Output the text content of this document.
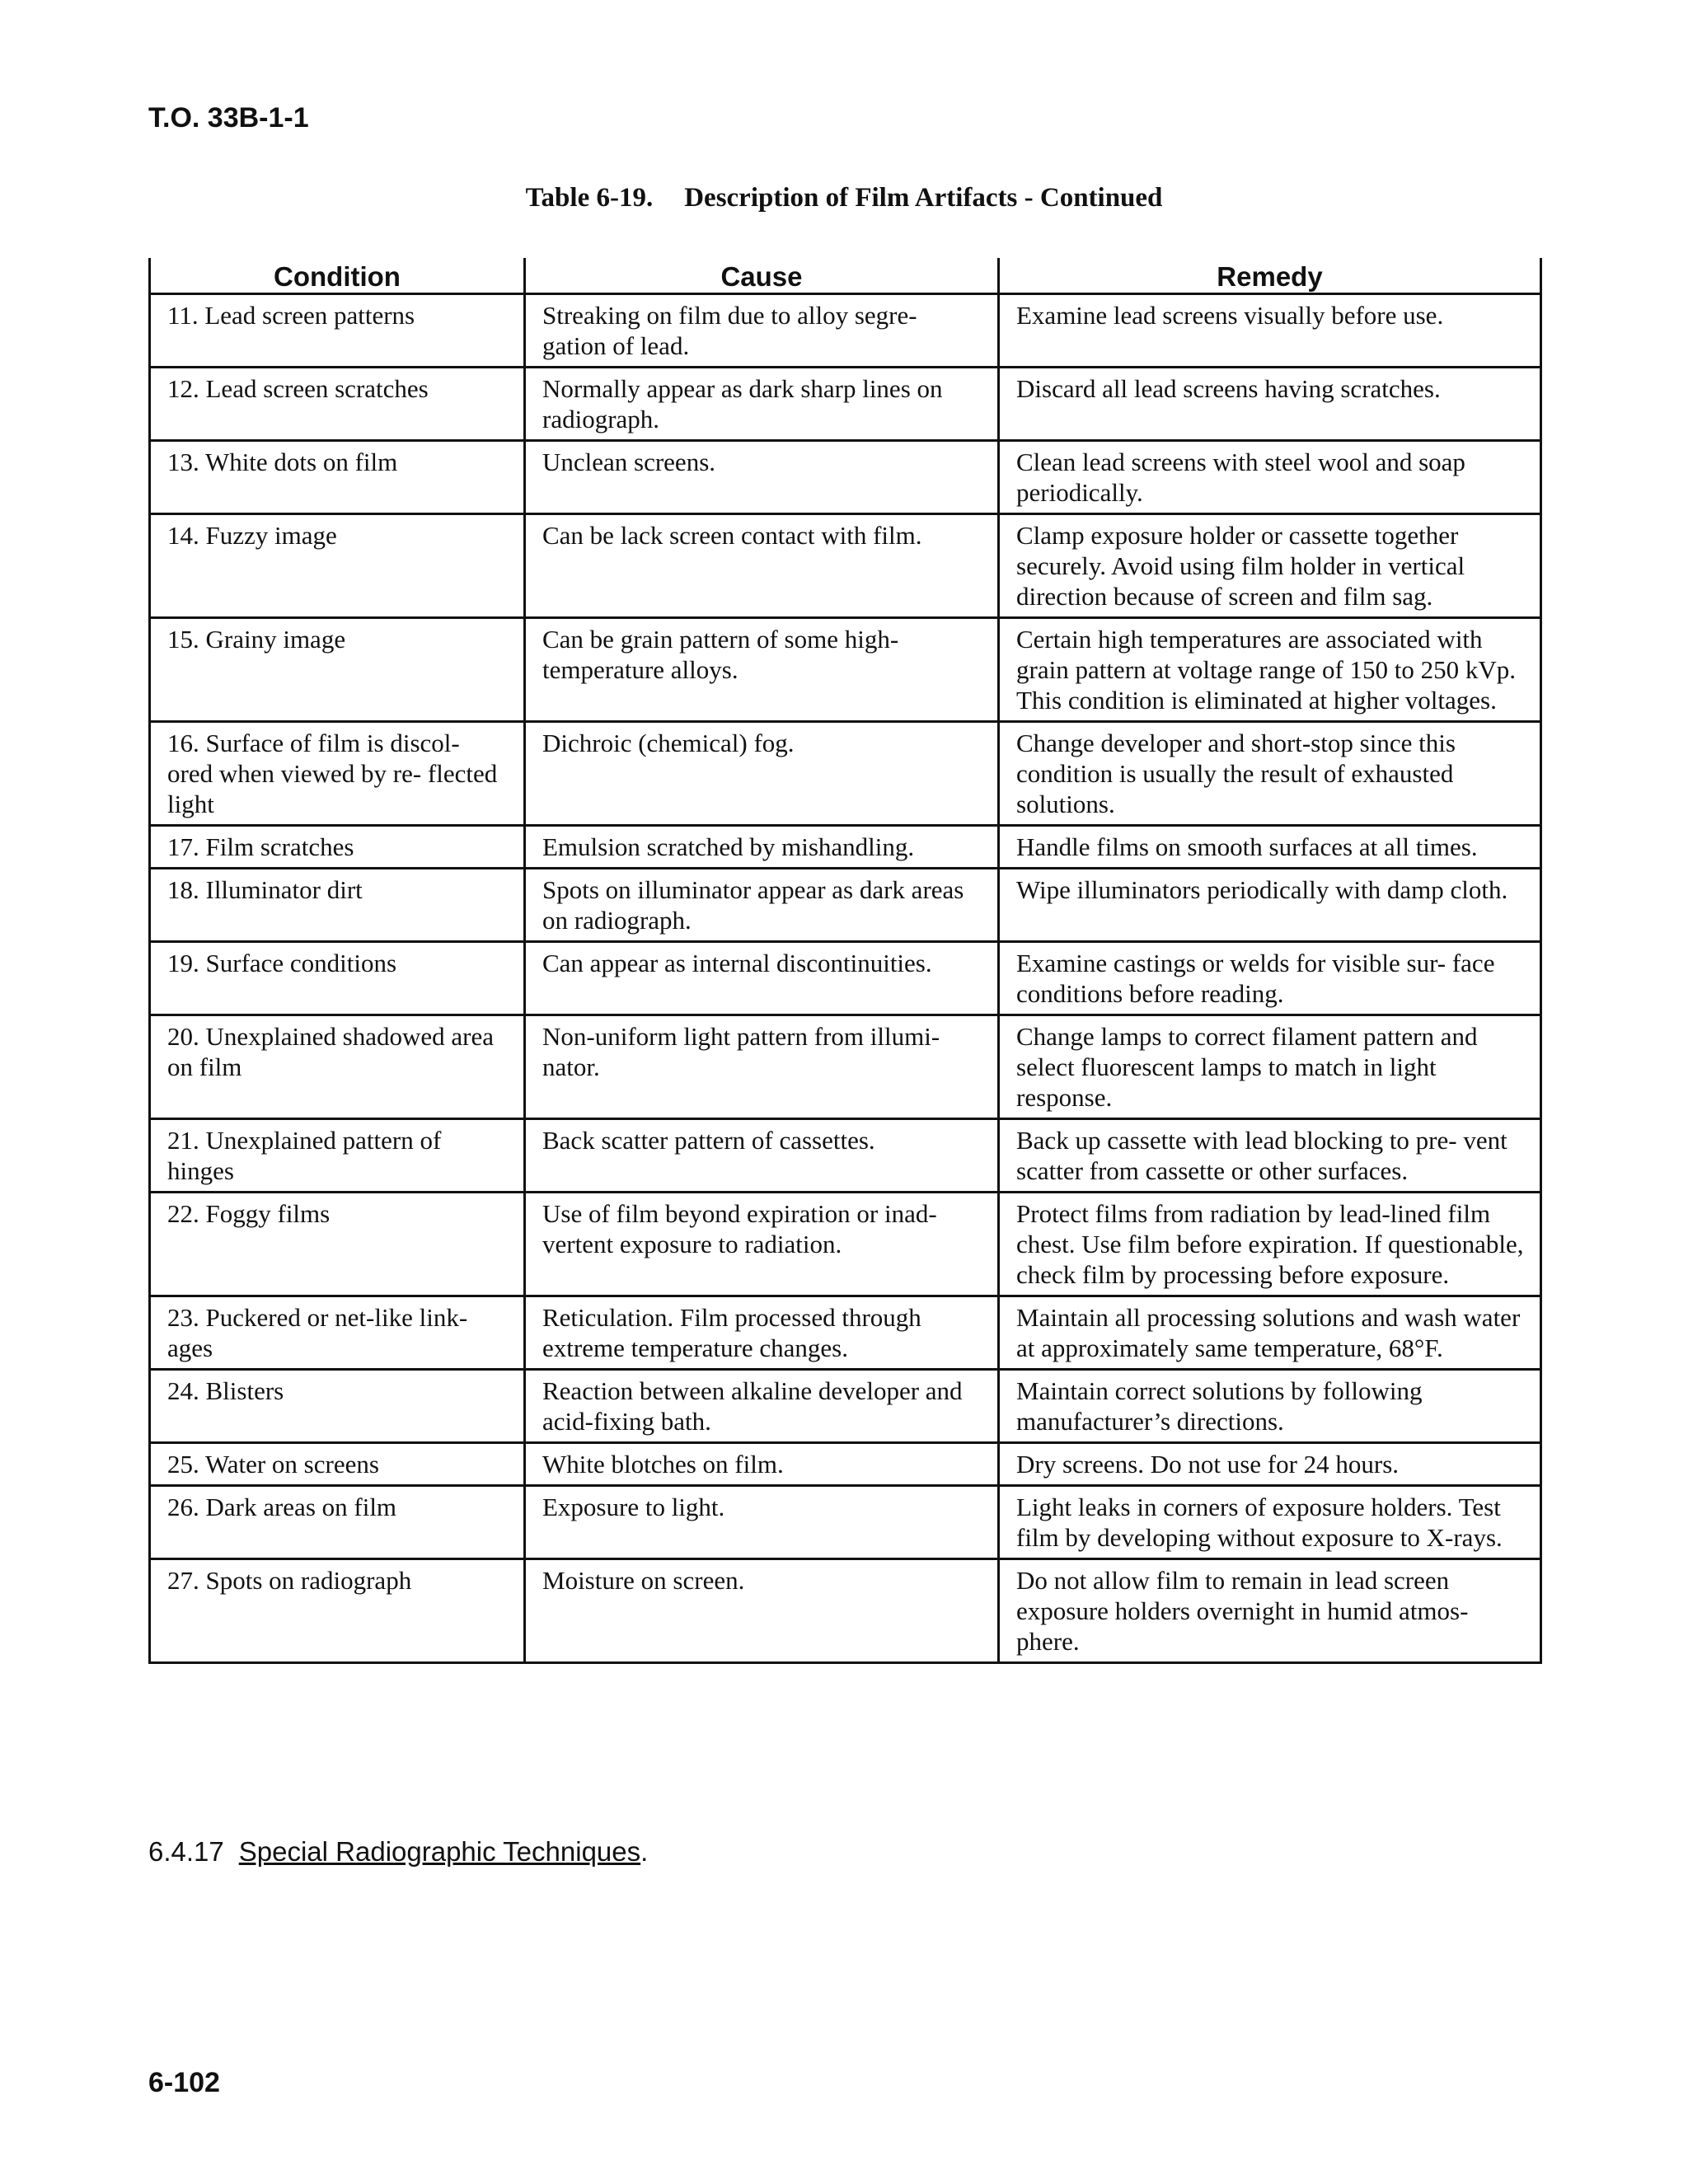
T.O. 33B-1-1
Table 6-19. Description of Film Artifacts - Continued
Condition	Cause	Remedy
11. Lead screen patterns	Streaking on film due to alloy segre- gation of lead.	Examine lead screens visually before use.
12. Lead screen scratches	Normally appear as dark sharp lines on radiograph.	Discard all lead screens having scratches.
13. White dots on film	Unclean screens.	Clean lead screens with steel wool and soap periodically.
14. Fuzzy image	Can be lack screen contact with film.	Clamp exposure holder or cassette together securely. Avoid using film holder in vertical direction because of screen and film sag.
15. Grainy image	Can be grain pattern of some high- temperature alloys.	Certain high temperatures are associated with grain pattern at voltage range of 150 to 250 kVp. This condition is eliminated at higher voltages.
16. Surface of film is discol- ored when viewed by re- flected light	Dichroic (chemical) fog.	Change developer and short-stop since this condition is usually the result of exhausted solutions.
17. Film scratches	Emulsion scratched by mishandling.	Handle films on smooth surfaces at all times.
18. Illuminator dirt	Spots on illuminator appear as dark areas on radiograph.	Wipe illuminators periodically with damp cloth.
19. Surface conditions	Can appear as internal discontinuities.	Examine castings or welds for visible sur- face conditions before reading.
20. Unexplained shadowed area on film	Non-uniform light pattern from illumi- nator.	Change lamps to correct filament pattern and select fluorescent lamps to match in light response.
21. Unexplained pattern of hinges	Back scatter pattern of cassettes.	Back up cassette with lead blocking to pre- vent scatter from cassette or other surfaces.
22. Foggy films	Use of film beyond expiration or inad- vertent exposure to radiation.	Protect films from radiation by lead-lined film chest. Use film before expiration. If questionable, check film by processing before exposure.
23. Puckered or net-like link- ages	Reticulation. Film processed through extreme temperature changes.	Maintain all processing solutions and wash water at approximately same temperature, 68°F.
24. Blisters	Reaction between alkaline developer and acid-fixing bath.	Maintain correct solutions by following manufacturer’s directions.
25. Water on screens	White blotches on film.	Dry screens. Do not use for 24 hours.
26. Dark areas on film	Exposure to light.	Light leaks in corners of exposure holders. Test film by developing without exposure to X-rays.
27. Spots on radiograph	Moisture on screen.	Do not allow film to remain in lead screen exposure holders overnight in humid atmos- phere.
6.4.17 Special Radiographic Techniques.
6-102
